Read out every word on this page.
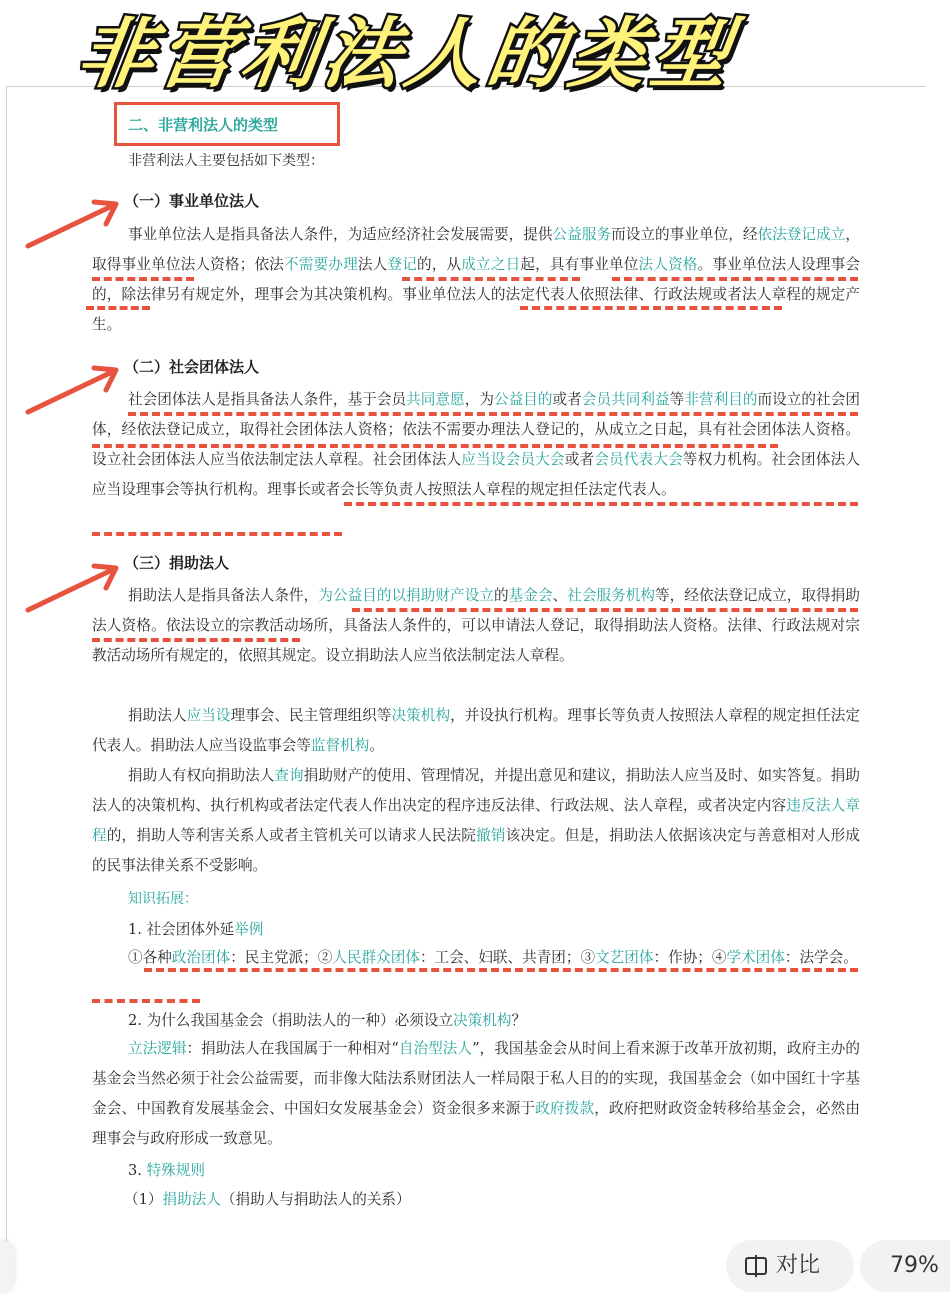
非营利法人的类型
二、非营利法人的类型
非营利法人主要包括如下类型：
（一）事业单位法人
事业单位法人是指具备法人条件，为适应经济社会发展需要，提供公益服务而设立的事业单位，经依法登记成立，取得事业单位法人资格；依法不需要办理法人登记的，从成立之日起，具有事业单位法人资格。事业单位法人设理事会的，除法律另有规定外，理事会为其决策机构。事业单位法人的法定代表人依照法律、行政法规或者法人章程的规定产生。
（二）社会团体法人
社会团体法人是指具备法人条件，基于会员共同意愿，为公益目的或者会员共同利益等非营利目的而设立的社会团体，经依法登记成立，取得社会团体法人资格；依法不需要办理法人登记的，从成立之日起，具有社会团体法人资格。设立社会团体法人应当依法制定法人章程。社会团体法人应当设会员大会或者会员代表大会等权力机构。社会团体法人应当设理事会等执行机构。理事长或者会长等负责人按照法人章程的规定担任法定代表人。
（三）捐助法人
捐助法人是指具备法人条件，为公益目的以捐助财产设立的基金会、社会服务机构等，经依法登记成立，取得捐助法人资格。依法设立的宗教活动场所，具备法人条件的，可以申请法人登记，取得捐助法人资格。法律、行政法规对宗教活动场所有规定的，依照其规定。设立捐助法人应当依法制定法人章程。
捐助法人应当设理事会、民主管理组织等决策机构，并设执行机构。理事长等负责人按照法人章程的规定担任法定代表人。捐助法人应当设监事会等监督机构。
捐助人有权向捐助法人查询捐助财产的使用、管理情况，并提出意见和建议，捐助法人应当及时、如实答复。捐助法人的决策机构、执行机构或者法定代表人作出决定的程序违反法律、行政法规、法人章程，或者决定内容违反法人章程的，捐助人等利害关系人或者主管机关可以请求人民法院撤销该决定。但是，捐助法人依据该决定与善意相对人形成的民事法律关系不受影响。
知识拓展：
1. 社会团体外延举例
①各种政治团体：民主党派；②人民群众团体：工会、妇联、共青团；③文艺团体：作协；④学术团体：法学会。
2. 为什么我国基金会（捐助法人的一种）必须设立决策机构？
立法逻辑：捐助法人在我国属于一种相对“自治型法人”，我国基金会从时间上看来源于改革开放初期，政府主办的基金会当然必须于社会公益需要，而非像大陆法系财团法人一样局限于私人目的的实现，我国基金会（如中国红十字基金会、中国教育发展基金会、中国妇女发展基金会）资金很多来源于政府拨款，政府把财政资金转移给基金会，必然由理事会与政府形成一致意见。
3. 特殊规则
（1）捐助法人（捐助人与捐助法人的关系）
对比	79%
